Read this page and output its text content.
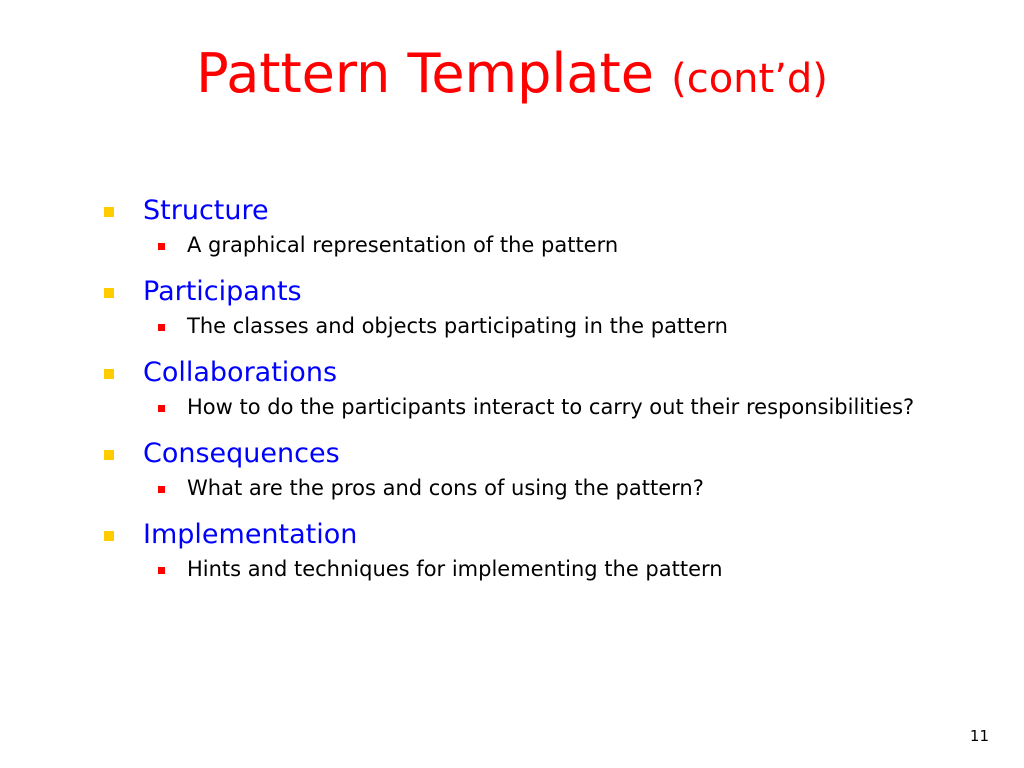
Pattern Template (cont’d)
Structure
A graphical representation of the pattern
Participants
The classes and objects participating in the pattern
Collaborations
How to do the participants interact to carry out their responsibilities?
Consequences
What are the pros and cons of using the pattern?
Implementation
Hints and techniques for implementing the pattern
11
